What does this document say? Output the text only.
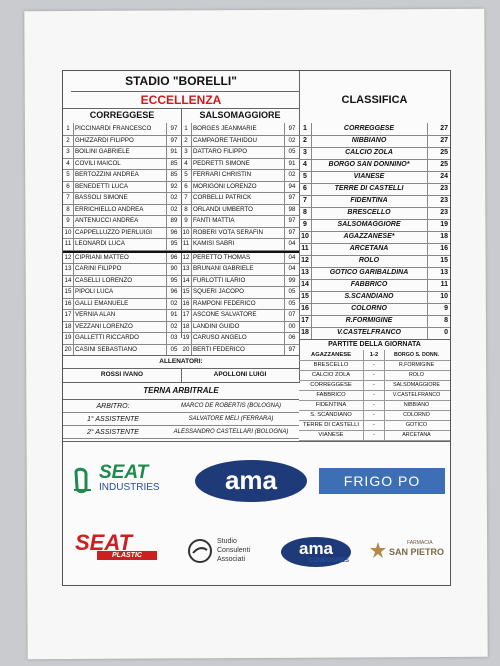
STADIO "BORELLI"
ECCELLENZA	CLASSIFICA
CORREGGESE	SALSOMAGGIORE
1 PICCINARDI FRANCESCO	97
2 GHIZZARDI FILIPPO	97
3 BOILINI GABRIELE	91
4 COVILI MAICOL	85
5 BERTOZZINI ANDREA	85
6 BENEDETTI LUCA	92
7 BASSOLI SIMONE	02
8 ERRICHIELLO ANDREA	02
9 ANTENUCCI ANDREA	89
10 CAPPELLUZZO PIERLUIGI	96
11 LEONARDI LUCA	95
12 CIPRIANI MATTEO	96
13 CARINI FILIPPO	90
14 CASELLI LORENZO	95
15 PIPOLI LUCA	96
16 GALLI EMANUELE	02
17 VERNIA ALAN	91
18 VEZZANI LORENZO	02
19 GALLETTI RICCARDO	03
20 CASINI SEBASTIANO	05
1 BORGES JEANMARIE	97
2 CAMPAORE TAHIDOU	02
3 DATTARO FILIPPO	05
4 PEDRETTI SIMONE	91
5 FERRARI CHRISTIN	02
6 MORIGONI LORENZO	94
7 CORBELLI PATRICK	97
8 ORLANDI UMBERTO	98
9 FANTI MATTIA	97
10 ROBERI VOTA SERAFIN	97
11 KAMISI SABRI	04
12 PERETTO THOMAS	04
13 BRUNANI GABRIELE	04
14 FURLOTTI ILARIO	99
15 SQUERI JACOPO	05
16 RAMPONI FEDERICO	05
17 ASCONE SALVATORE	07
18 LANDINI GUIDO	00
19 CARUSO ANGELO	06
20 BERTI FEDERICO	97
1	CORREGGESE	27
2	NIBBIANO	27
3	CALCIO ZOLA	25
4	BORGO SAN DONNINO*	25
5	VIANESE	24
6	TERRE DI CASTELLI	23
7	FIDENTINA	23
8	BRESCELLO	23
9	SALSOMAGGIORE	19
10	AGAZZANESE*	18
11	ARCETANA	16
12	ROLO	15
13	GOTICO GARIBALDINA	13
14	FABBRICO	11
15	S.SCANDIANO	10
16	COLORNO	9
17	R.FORMIGINE	8
18	V.CASTELFRANCO	0
PARTITE DELLA GIORNATA
AGAZZANESE	1-2	BORGO S. DONN.
BRESCELLO	-	R.FORMIGINE
CALCIO ZOLA	-	ROLO
CORREGGESE	-	SALSOMAGGIORE
FABBRICO	-	V.CASTELFRANCO
FIDENTINA	-	NIBBIANO
S. SCANDIANO	-	COLORNO
TERRE DI CASTELLI	-	GOTICO
VIANESE	-	ARCETANA
ALLENATORI:
ROSSI IVANO	APOLLONI LUIGI
TERNA ARBITRALE
ARBITRO:	MARCO DE ROBERTIS (BOLOGNA)
1° ASSISTENTE	SALVATORE MELI (FERRARA)
2° ASSISTENTE	ALESSANDRO CASTELLARI (BOLOGNA)
SEAT
INDUSTRIES	ama	FRIGO PO
PLASTIC
SEAT	Studio
Consulenti
Associati
ama
COMPOSITES
FARMACIA
SAN PIETRO
